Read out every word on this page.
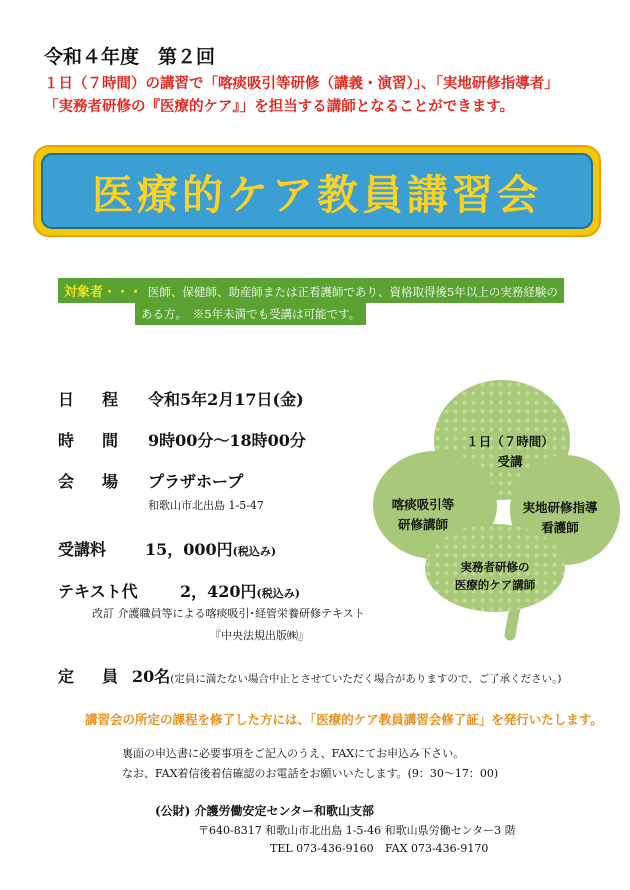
令和４年度　第２回
１日（７時間）の講習で「喀痰吸引等研修（講義・演習）」、「実地研修指導者」
「実務者研修の『医療的ケア』」を担当する講師となることができます。
医療的ケア教員講習会
対象者・・・ 医師、保健師、助産師または正看護師であり、資格取得後5年以上の実務経験の
ある方。　※5年未満でも受講は可能です。
日　程 令和5年2月17日(金)
時　間 9時00分～18時00分
会　場 プラザホープ
和歌山市北出島 1-5-47
受講料 15，000円(税込み)
テキスト代	2，420円(税込み)
改訂 介護職員等による喀痰吸引･経管栄養研修テキスト
『中央法規出版㈱』
定　員 20名(定員に満たない場合中止とさせていただく場合がありますので、ご了承ください。)
１日（７時間）
受講
喀痰吸引等
研修講師
実地研修指導
看護師
実務者研修の
医療的ケア講師
講習会の所定の課程を修了した方には、「医療的ケア教員講習会修了証」を発行いたします。
裏面の申込書に必要事項をご記入のうえ、FAXにてお申込み下さい。
なお、FAX着信後着信確認のお電話をお願いいたします。(9：30～17：00)
(公財) 介護労働安定センター和歌山支部
〒640-8317 和歌山市北出島 1-5-46 和歌山県労働センター3 階
TEL 073-436-9160 FAX 073-436-9170
